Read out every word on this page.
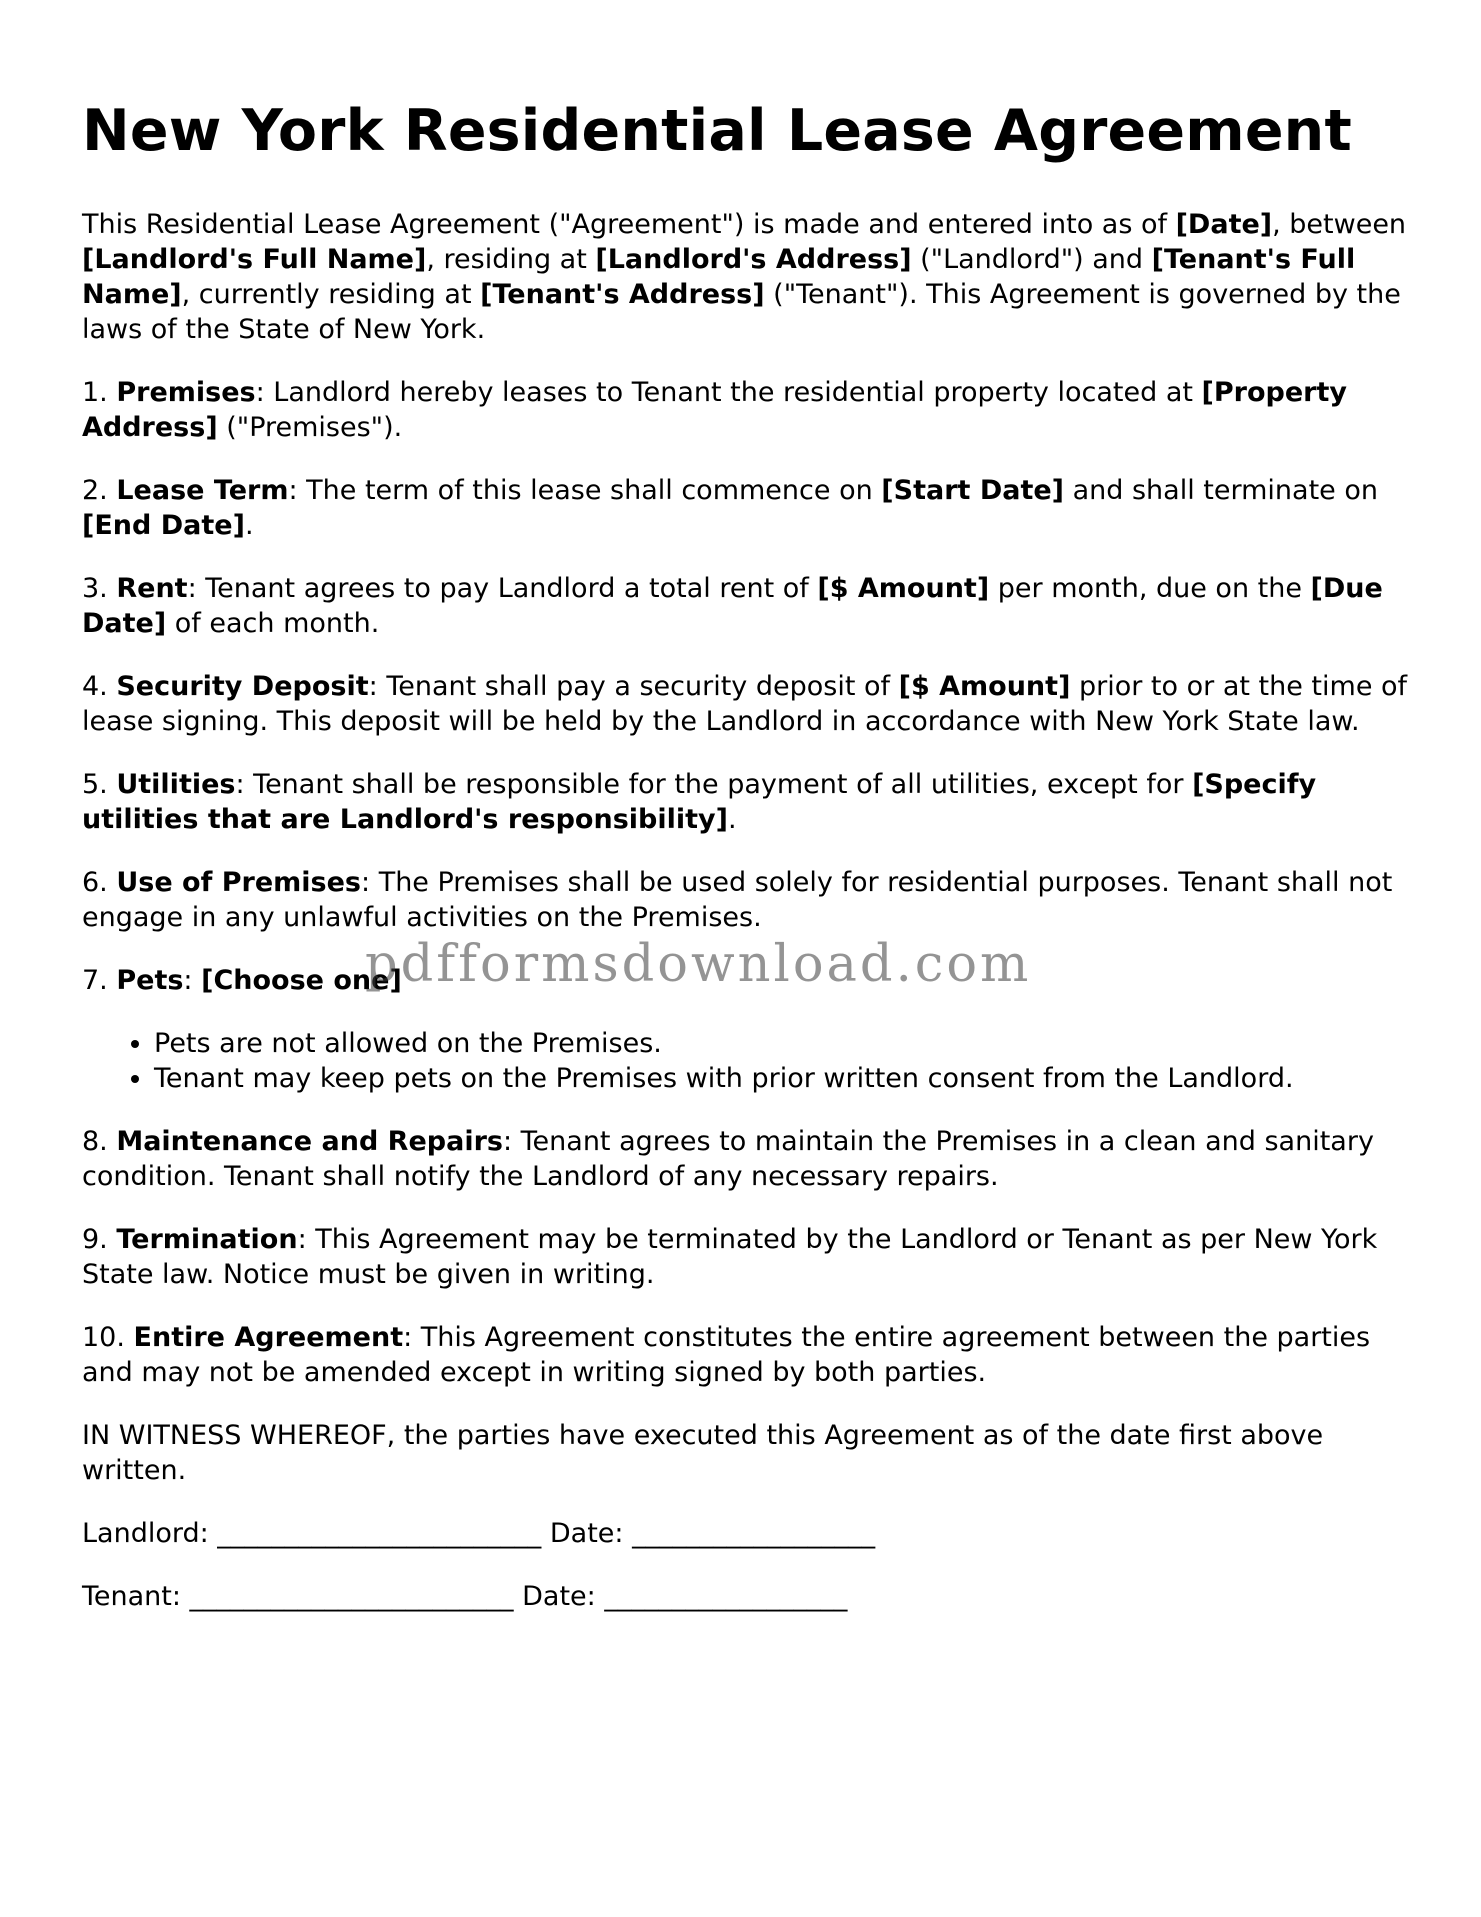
New York Residential Lease Agreement

This Residential Lease Agreement ("Agreement") is made and entered into as of [Date], between [Landlord's Full Name], residing at [Landlord's Address] ("Landlord") and [Tenant's Full Name], currently residing at [Tenant's Address] ("Tenant"). This Agreement is governed by the laws of the State of New York.

1. Premises: Landlord hereby leases to Tenant the residential property located at [Property Address] ("Premises").

2. Lease Term: The term of this lease shall commence on [Start Date] and shall terminate on [End Date].

3. Rent: Tenant agrees to pay Landlord a total rent of [$ Amount] per month, due on the [Due Date] of each month.

4. Security Deposit: Tenant shall pay a security deposit of [$ Amount] prior to or at the time of lease signing. This deposit will be held by the Landlord in accordance with New York State law.

5. Utilities: Tenant shall be responsible for the payment of all utilities, except for [Specify utilities that are Landlord's responsibility].

6. Use of Premises: The Premises shall be used solely for residential purposes. Tenant shall not engage in any unlawful activities on the Premises.

7. Pets: [Choose one]

• Pets are not allowed on the Premises.
• Tenant may keep pets on the Premises with prior written consent from the Landlord.

8. Maintenance and Repairs: Tenant agrees to maintain the Premises in a clean and sanitary condition. Tenant shall notify the Landlord of any necessary repairs.

9. Termination: This Agreement may be terminated by the Landlord or Tenant as per New York State law. Notice must be given in writing.

10. Entire Agreement: This Agreement constitutes the entire agreement between the parties and may not be amended except in writing signed by both parties.

IN WITNESS WHEREOF, the parties have executed this Agreement as of the date first above written.

Landlord: ________________________ Date: __________________
Tenant: ________________________ Date: __________________
pdfformsdownload.com
